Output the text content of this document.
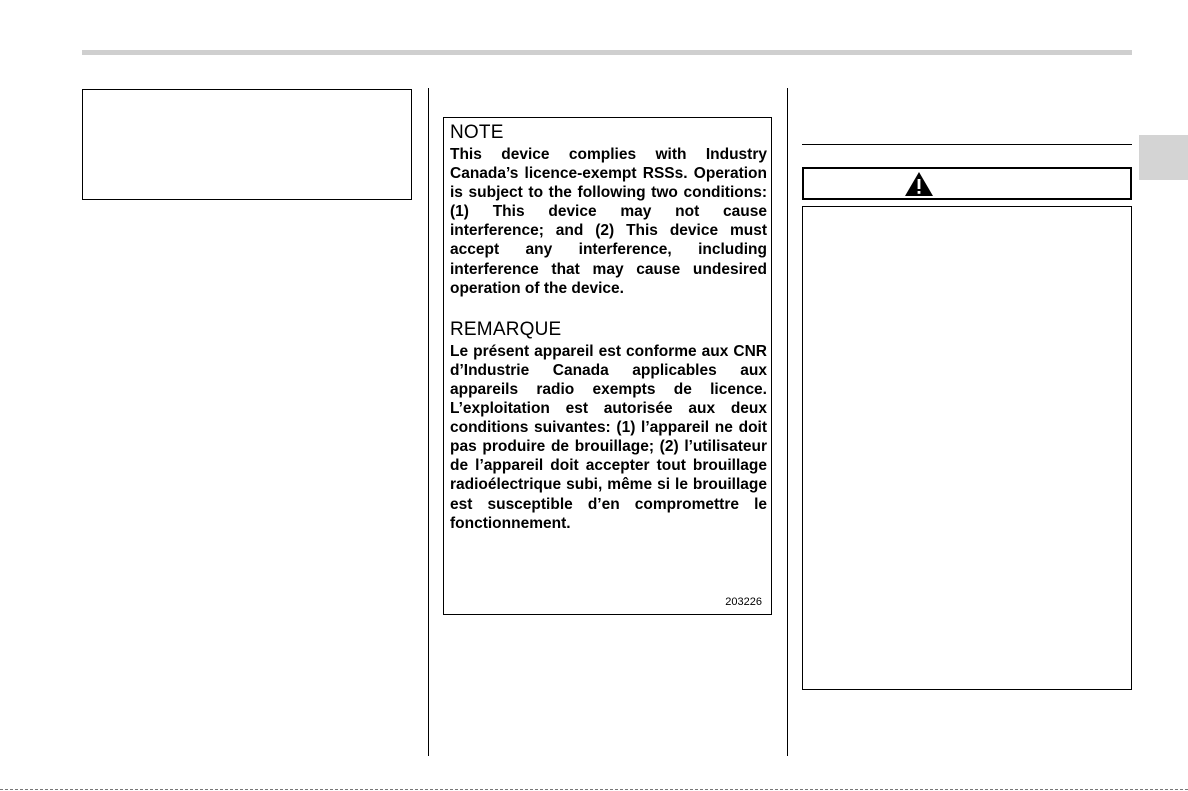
NOTE

This device complies with Industry Canada’s licence-exempt RSSs. Operation is subject to the following two conditions: (1) This device may not cause interference; and (2) This device must accept any interference, including interference that may cause undesired operation of the device.

REMARQUE

Le présent appareil est conforme aux CNR d’Industrie Canada applicables aux appareils radio exempts de licence. L’exploitation est autorisée aux deux conditions suivantes: (1) l’appareil ne doit pas produire de brouillage; (2) l’utilisateur de l’appareil doit accepter tout brouillage radioélectrique subi, même si le brouillage est susceptible d’en compromettre le fonctionnement.

203226
